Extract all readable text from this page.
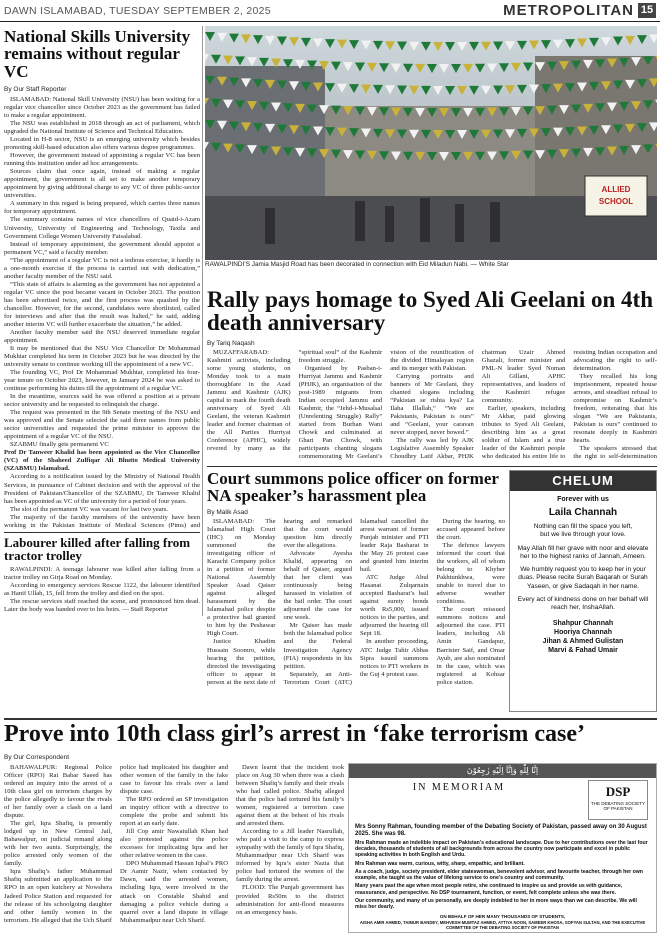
DAWN ISLAMABAD, TUESDAY SEPTEMBER 2, 2025	METROPOLITAN 15
National Skills University remains without regular VC
By Our Staff Reporter

ISLAMABAD: National Skill University (NSU) has been waiting for a regular vice chancellor since October 2023 as the government has failed to make a regular appointment.

The NSU was established in 2018 through an act of parliament, which upgraded the National Institute of Science and Technical Education.

Located in H-8 sector, NSU is an emerging university which besides promoting skill-based education also offers various degree programmes.

However, the government instead of appointing a regular VC has been running this institution under ad hoc arrangements.

Sources claim that once again, instead of making a regular appointment, the government is all set to make another temporary appointment by giving additional charge to any VC of three public-sector universities.

A summary in this regard is being prepared, which carries three names for temporary appointment.

The summary contains names of vice chancellors of Quaid-i-Azam University, University of Engineering and Technology, Taxila and Government College Women University Faisalabad.

Instead of temporary appointment, the government should appoint a permanent VC,” said a faculty member.

“The appointment of a regular VC is not a tedious exercise, it hardly is a one-month exercise if the process is carried out with dedication,” another faculty member of the NSU said.

“This state of affairs is alarming as the government has not appointed a regular VC since the post became vacant in October 2023. The position has been advertised twice, and the first process was quashed by the chancellor. However, for the second, candidates were shortlisted, called for interviews and after that the result was halted,” he said, adding another interim VC will further exacerbate the situation,” he added.

Another faculty member said the NSU deserved immediate regular appointment.

It may be mentioned that the NSU Vice Chancellor Dr Mohammad Mukhtar completed his term in October 2023 but he was directed by the university senate to continue working till the appointment of a new VC.

The founding VC, Prof Dr Mohammad Mukhtar, completed his four-year tenure on October 2023, however, in January 2024 he was asked to continue performing his duties till the appointment of a regular VC.

In the meantime, sources said he was offered a position at a private sector university and he requested to relinquish the charge.

The request was presented in the 9th Senate meeting of the NSU and was approved and the Senate selected the said three names from public sector universities and requested the prime minister to approve the appointment of a regular VC of the NSU.

SZABMU finally gets permanent VC

Prof Dr Tanweer Khalid has been appointed as the Vice Chancellor (VC) of the Shaheed Zulfiqar Ali Bhutto Medical University (SZABMU) Islamabad.

According to a notification issued by the Ministry of National Health Services, in pursuance of Cabinet decision and with the approval of the President of Pakistan/Chancellor of the SZABMU, Dr Tanweer Khalid has been appointed as VC of the university for a period of four years.

The slot of the permanent VC was vacant for last two years.

The majority of the faculty members of the university have been working in the Pakistan Institute of Medical Sciences (Pims) and

Labourer killed after falling from tractor trolley

RAWALPINDI: A teenage labourer was killed after falling from a tractor trolley on Girja Road on Monday.

According to emergency services Rescue 1122, the labourer identified as Hanif Ullah, 15, fell from the trolley and died on the spot.

The rescue services staff reached the scene, and pronounced him dead. Later the body was handed over to his heirs. — Staff Reporter

ALLIED
SCHOOL
RAWALPINDI’S Jamia Masjid Road has been decorated in connection with Eid Miladun Nabi. — White Star
Rally pays homage to Syed Ali Geelani on 4th death anniversary
By Tariq Naqash

MUZAFFARABAD: Kashmiri activists, including some young students, on Monday took to a main thoroughfare in the Azad Jammu and Kashmir (AJK) capital to mark the fourth death anniversary of Syed Ali Geelani, the veteran Kashmiri leader and former chairman of the All Parties Hurriyat Conference (APHC), widely revered by many as the “spiritual soul” of the Kashmir freedom struggle.

Organised by Pasban-i-Hurriyat Jammu and Kashmir (PHJK), an organisation of the post-1989 migrants from Indian occupied Jammu and Kashmir, the “Jehd-i-Musalsal (Unrelenting Struggle) Rally” started from Burhan Wani Chowk and culminated at Ghari Pan Chowk, with participants chanting slogans commemorating Mr Geelani’s vision of the reunification of the divided Himalayan region and its merger with Pakistan.

Carrying portraits and banners of Mr Geelani, they chanted slogans including “Pakistan se rishta kya? La Ilaha Illallah,” “We are Pakistanis, Pakistan is ours” and “Geelani, your caravan never stopped, never bowed.”

The rally was led by AJK Legislative Assembly Speaker Choudhry Latif Akbar, PHJK chairman Uzair Ahmed Ghazali, former minister and PML-N leader Syed Noman Ali Gillani, APHC representatives, and leaders of the Kashmiri refugee community.

Earlier, speakers, including Mr Akbar, paid glowing tributes to Syed Ali Geelani, describing him as a great soldier of Islam and a true leader of the Kashmiri people who dedicated his entire life to resisting Indian occupation and advocating the right to self-determination.

They recalled his long imprisonment, repeated house arrests, and steadfast refusal to compromise on Kashmir’s freedom, reiterating that his slogan “We are Pakistanis, Pakistan is ours” continued to resonate deeply in Kashmiri hearts.

The speakers stressed that the right to self-determination

Court summons police officer on former NA speaker’s harassment plea
By Malik Asad

ISLAMABAD: The Islamabad High Court (IHC) on Monday summoned the investigating officer of Karachi Company police in a petition of former National Assembly Speaker Asad Qaiser against alleged harassment by the Islamabad police despite a protective bail granted to him by the Peshawar High Court.

Justice Khadim Hussain Soomro, while hearing the petition, directed the investigating officer to appear in person at the next date of hearing and remarked that the court would question him directly over the allegations.

Advocate Ayesha Khalid, appearing on behalf of Qaiser, argued that her client was continuously being harassed in violation of the bail order. The court adjourned the case for one week.

Mr Qaiser has made both the Islamabad police and the Federal Investigation Agency (FIA) respondents in his petition.

Separately, an Anti-Terrorism Court (ATC) Islamabad cancelled the arrest warrant of former Punjab minister and PTI leader Raja Basharat in the May 26 protest case and granted him interim bail.

ATC Judge Abul Hasanat Zulqarnain accepted Basharat’s bail against surety bonds worth Rs5,000, issued notices to the parties, and adjourned the hearing till Sept 18.

In another proceeding, ATC Judge Tahir Abbas Sipra issued summons notices to PTI workers in the Guj 4 protest case.

During the hearing, no accused appeared before the court.

The defence lawyers informed the court that the workers, all of whom belong to Khyber Pakhtunkhwa, were unable to travel due to adverse weather conditions.

The court reissued summons notices and adjourned the case. PTI leaders, including Ali Amin Gandapur, Barrister Saif, and Omar Ayub, are also nominated in the case, which was registered at Kohsar police station.

CHELUM
Forever with us
Laila Channah
Nothing can fill the space you left,
but we live through your love.
May Allah fill her grave with noor and elevate her to the highest ranks of Jannah, Ameen.
We humbly request you to keep her in your duas. Please recite Surah Baqarah or Surah Yaseen, or give Sadaqah in her name.
Every act of kindness done on her behalf will reach her, InshaAllah.
Shahpur Channah
Hooriya Channah
Jihan & Ahmed Gulistan
Marvi & Fahad Umair
Prove into 10th class girl’s arrest in ‘fake terrorism case’
By Our Correspondent

BAHAWALPUR: Regional Police Officer (RPO) Rai Babar Saeed has ordered an inquiry into the arrest of a 10th class girl on terrorism charges by the police allegedly to favour the rivals of her family over a clash on a land dispute.

The girl, Iqra Shafiq, is presently lodged up in New Central Jail, Bahawalpur, on judicial remand along with her two aunts. Surprisingly, the police arrested only women of the family.

Iqra Shafiq’s father Muhammad Shafiq submitted an application to the RPO in an open kutchery at Nowshera Jadeed Police Station and requested for the release of his schoolgoing daughter and other family women in the terrorism. He alleged that the Uch Sharif police had implicated his daughter and other women of the family in the fake case to favour his rivals over a land dispute case.

The RPO ordered an SP investigation an inquiry officer with a directive to complete the probe and submit his report at an early date.

Jill Cop amir Nawaiullah Khan had also protested against the police excesses for implicating Iqra and her other relative women in the case.

DPO Muhammad Hassan Iqbal’s PRO Dr Aamir Nazir, when contacted by Dawn, said the arrested women, including Iqra, were involved in the attack on Constable Shahid and damaging a police vehicle during a quarrel over a land dispute in village Muhammadpur near Uch Sharif.

Dawn learnt that the incident took place on Aug 30 when there was a clash between Shafiq’s family and their rivals who had called police. Shafiq alleged that the police had tortured his family’s women, registered a terrorism case against them at the behest of his rivals and arrested them.

According to a Jill leader Nasrullah, who paid a visit to the camp to express sympathy with the family of Iqra Shafiq, Muhammadpur near Uch Sharif was informed by Iqra’s sister Nazia that police had tortured the women of the family during the arrest.

FLOOD: The Punjab government has provided Rs50m to the district administration for anti-flood measures on an emergency basis.

اِنَّا لِلّٰهِ وَاِنَّآ اِلَيْهِ رٰجِعُوْنَ
IN MEMORIAM	DSP
THE DEBATING SOCIETY OF PAKISTAN
Mrs Sonny Rahman, founding member of the Debating Society of Pakistan, passed away on 30 August 2025. She was 98.

Mrs Rahman made an indelible impact on Pakistan’s educational landscape. Due to her contributions over the last four decades, thousands of students of all backgrounds from across the country now participate and excel in public speaking activities in both English and Urdu.

Mrs Rahman was warm, curious, witty, sharp, empathic, and brilliant.

As a coach, judge, society president, elder stateswoman, benevolent advisor, and favourite teacher, through her own example, she taught us the value of lifelong service to one’s country and community.

Many years past the age when most people retire, she continued to inspire us and provide us with guidance, reassurance, and perspective. No DSP tournament, function, or event, felt complete unless she was there.

Our community, and many of us personally, are deeply indebted to her in more ways than we can describe. We will miss her dearly.

ON BEHALF OF HER MANY THOUSANDS OF STUDENTS,
AISHA AMIR AHMED, TAIMUR BANDEY, MEHVESH MUMTAZ AHMED, ATTIYA NOON, SAMEER KHOSA, SOFYAN SULTAN, AND THE EXECUTIVE COMMITTEE OF THE DEBATING SOCIETY OF PAKISTAN
